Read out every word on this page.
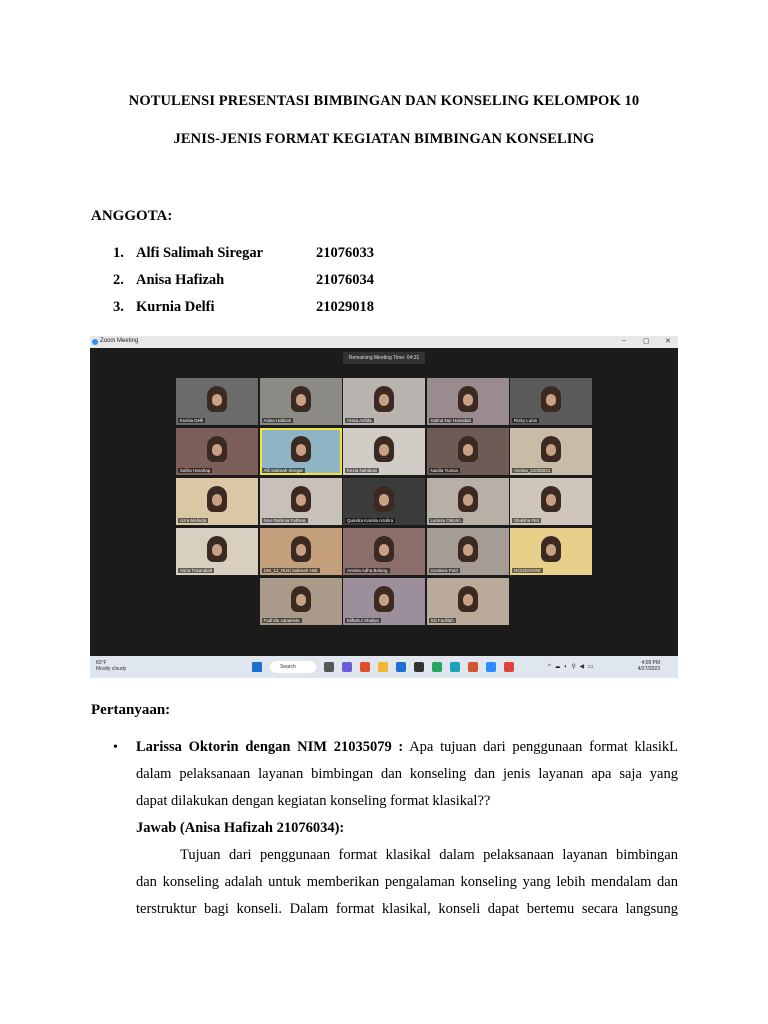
NOTULENSI PRESENTASI BIMBINGAN DAN KONSELING KELOMPOK 10
JENIS-JENIS FORMAT KEGIATAN BIMBINGAN KONSELING
ANGGOTA:
1. Alfi Salimah Siregar	21076033
2. Anisa Hafizah	21076034
3. Kurnia Delfi	21029018
Zoom Meeting	– ▢ ✕
Remaining Meeting Time: 04:31
Kurnia Delfi	Anisa Hafizah	Anisa Azhila	Salma Nur Hamidah	Rizky Lubis
Safira Harahap	Alfi Salimah Siregar	Kezia Nahdiani	Nadila Yunisa	Annisa_21035021
Azra Melinda	Novi Rahmia Fathina	Quindra Kamila Azahra	Larissa Oktorin	Shalsha Fitri
Asna Tusandiah	166_12_Rizki Salimah Hsb	Annisa Adha Bolang	Gustiara Putri	HOLIDAYANI
Fadhilla sabakiela	Miftahul Shaliya	Siti Fadillah
83°F
Mostly cloudy	Search	^ ☁ ◐ ⚲ ◀ ▭
4:58 PM
4/27/2023
Pertanyaan:
• Larissa Oktorin dengan NIM 21035079 : Apa tujuan dari penggunaan format klasikL
dalam pelaksanaan layanan bimbingan dan konseling dan jenis layanan apa saja yang
dapat dilakukan dengan kegiatan konseling format klasikal??
Jawab (Anisa Hafizah 21076034):
Tujuan dari penggunaan format klasikal dalam pelaksanaan layanan bimbingan
dan konseling adalah untuk memberikan pengalaman konseling yang lebih mendalam dan
terstruktur bagi konseli. Dalam format klasikal, konseli dapat bertemu secara langsung
